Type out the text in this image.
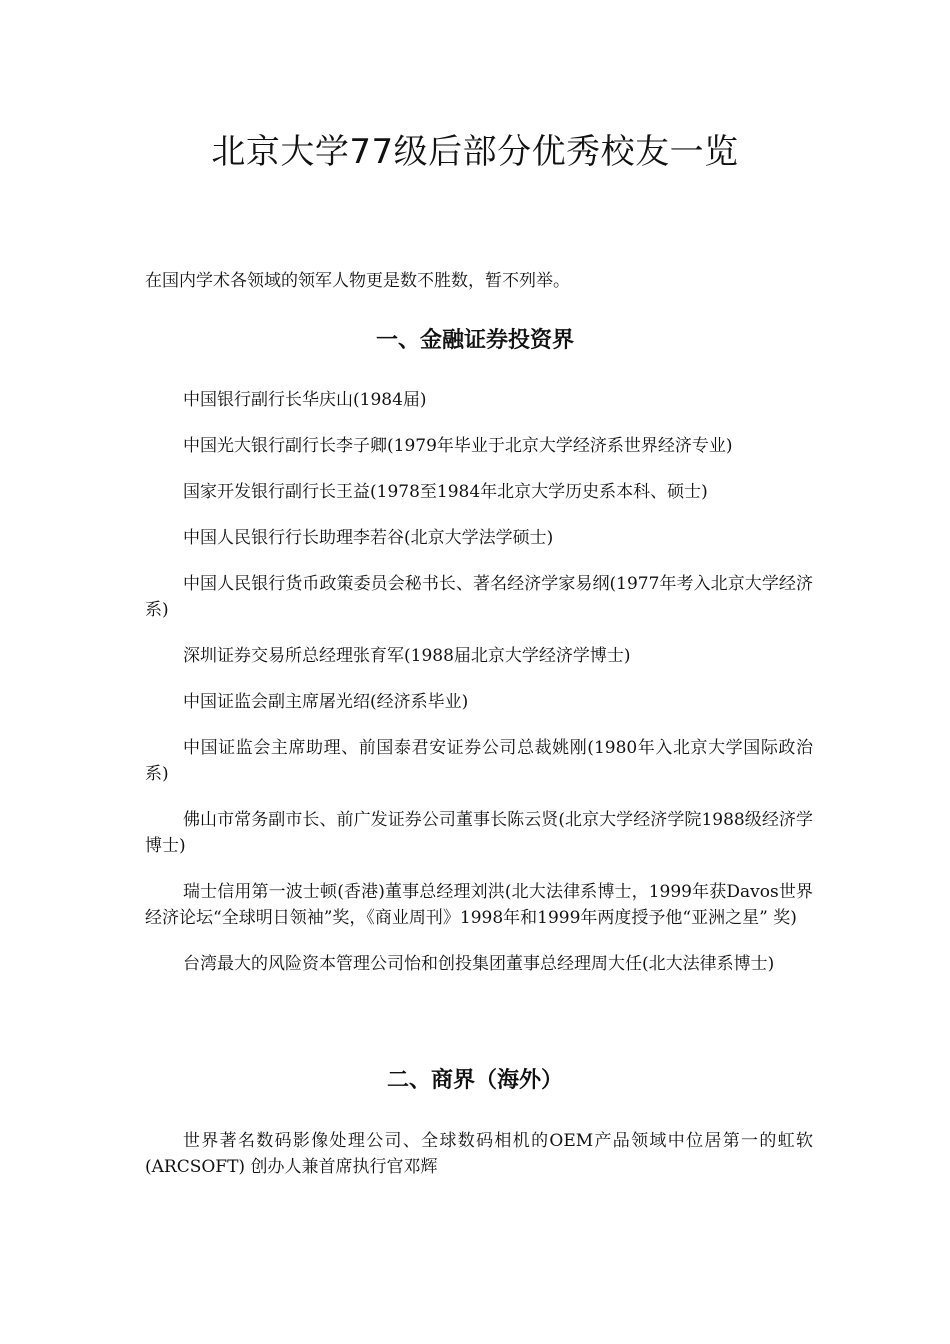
北京大学77级后部分优秀校友一览

在国内学术各领域的领军人物更是数不胜数，暂不列举。

一、金融证券投资界

中国银行副行长华庆山(1984届)

中国光大银行副行长李子卿(1979年毕业于北京大学经济系世界经济专业)

国家开发银行副行长王益(1978至1984年北京大学历史系本科、硕士)

中国人民银行行长助理李若谷(北京大学法学硕士)

中国人民银行货币政策委员会秘书长、著名经济学家易纲(1977年考入北京大学经济系)

深圳证券交易所总经理张育军(1988届北京大学经济学博士)

中国证监会副主席屠光绍(经济系毕业)

中国证监会主席助理、前国泰君安证券公司总裁姚刚(1980年入北京大学国际政治系)

佛山市常务副市长、前广发证券公司董事长陈云贤(北京大学经济学院1988级经济学博士)

瑞士信用第一波士顿(香港)董事总经理刘洪(北大法律系博士，1999年获Davos世界经济论坛“全球明日领袖”奖，《商业周刊》1998年和1999年两度授予他“亚洲之星” 奖)

台湾最大的风险资本管理公司怡和创投集团董事总经理周大任(北大法律系博士)

二、商界（海外）

世界著名数码影像处理公司、全球数码相机的OEM产品领域中位居第一的虹软(ARCSOFT) 创办人兼首席执行官邓辉
